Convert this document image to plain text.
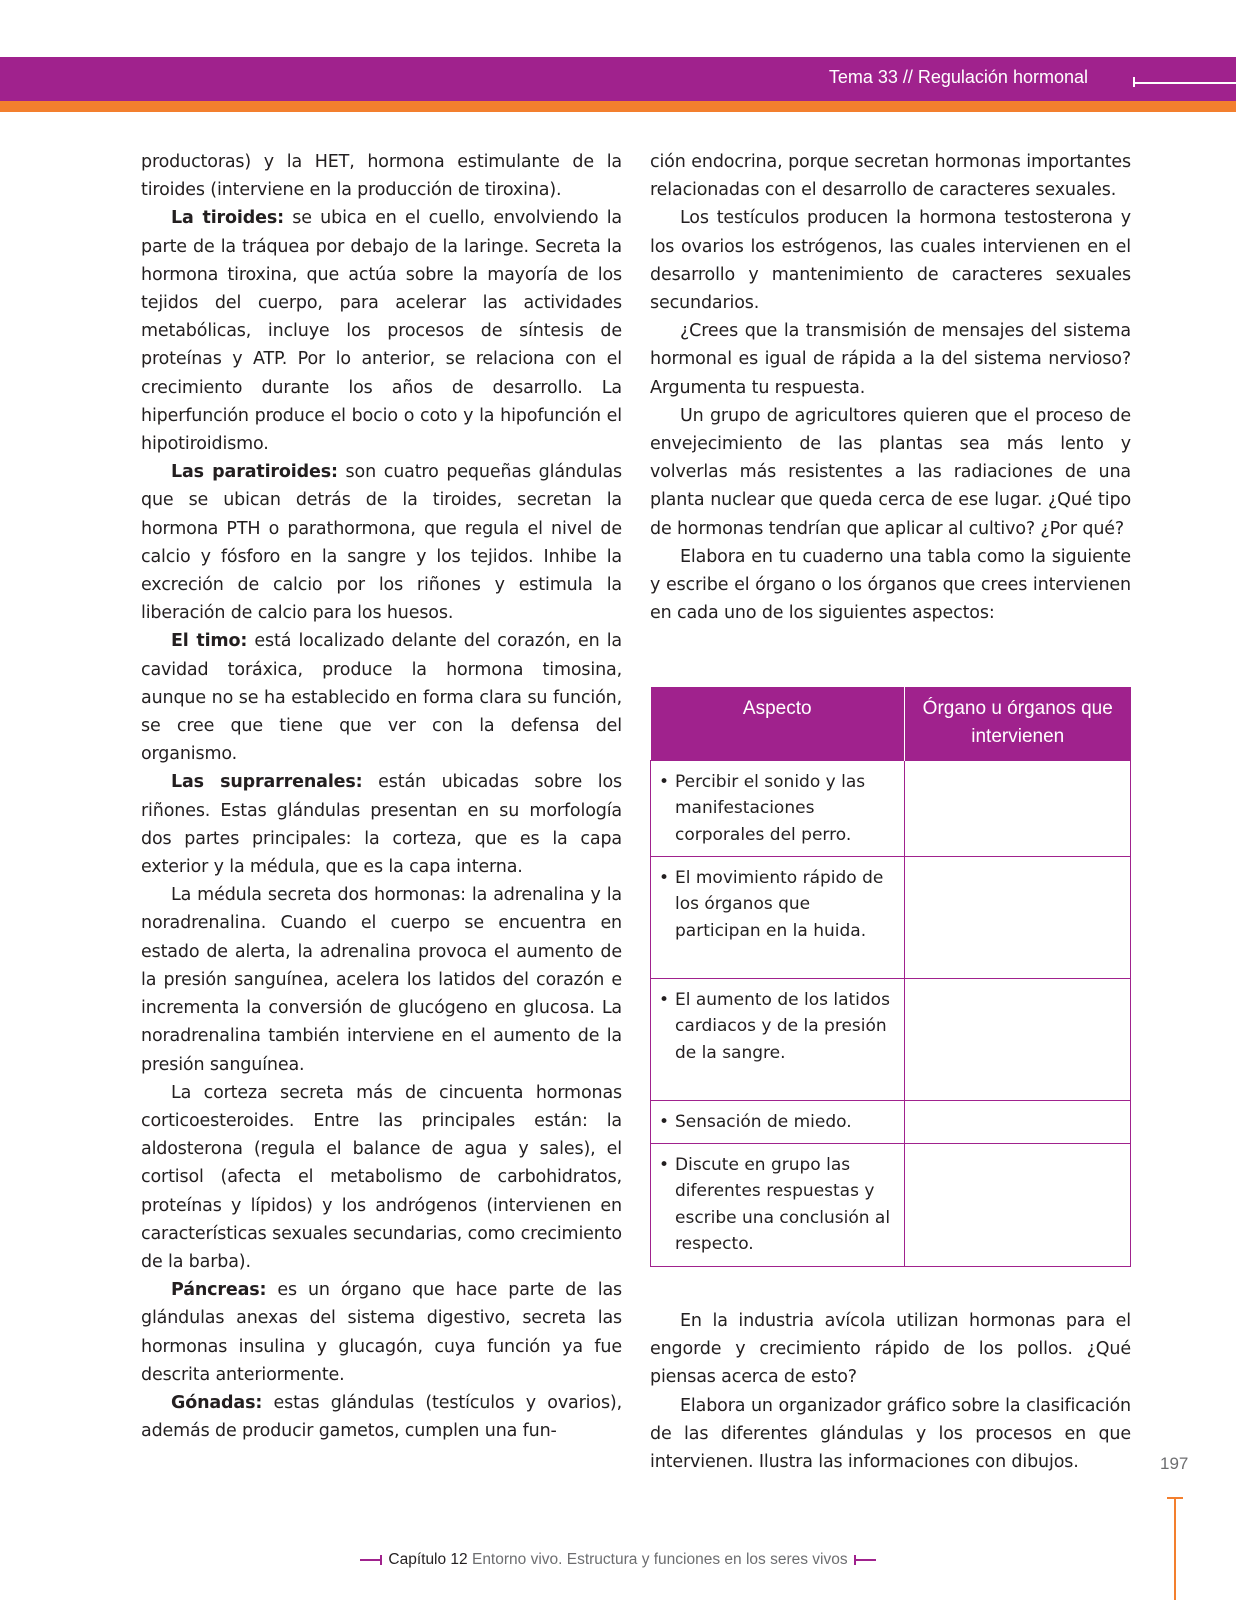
Tema 33 // Regulación hormonal

productoras) y la HET, hormona estimulante de la tiroides (interviene en la producción de tiroxina).

La tiroides: se ubica en el cuello, envolviendo la parte de la tráquea por debajo de la laringe. Secreta la hormona tiroxina, que actúa sobre la mayoría de los tejidos del cuerpo, para acelerar las actividades metabólicas, incluye los procesos de síntesis de proteínas y ATP. Por lo anterior, se relaciona con el crecimiento durante los años de desarrollo. La hiperfunción produce el bocio o coto y la hipofunción el hipotiroidismo.

Las paratiroides: son cuatro pequeñas glándulas que se ubican detrás de la tiroides, secretan la hormona PTH o parathormona, que regula el nivel de calcio y fósforo en la sangre y los tejidos. Inhibe la excreción de calcio por los riñones y estimula la liberación de calcio para los huesos.

El timo: está localizado delante del corazón, en la cavidad toráxica, produce la hormona timosina, aunque no se ha establecido en forma clara su función, se cree que tiene que ver con la defensa del organismo.

Las suprarrenales: están ubicadas sobre los riñones. Estas glándulas presentan en su morfología dos partes principales: la corteza, que es la capa exterior y la médula, que es la capa interna.

La médula secreta dos hormonas: la adrenalina y la noradrenalina. Cuando el cuerpo se encuentra en estado de alerta, la adrenalina provoca el aumento de la presión sanguínea, acelera los latidos del corazón e incrementa la conversión de glucógeno en glucosa. La noradrenalina también interviene en el aumento de la presión sanguínea.

La corteza secreta más de cincuenta hormonas corticoesteroides. Entre las principales están: la aldosterona (regula el balance de agua y sales), el cortisol (afecta el metabolismo de carbohidratos, proteínas y lípidos) y los andrógenos (intervienen en características sexuales secundarias, como crecimiento de la barba).

Páncreas: es un órgano que hace parte de las glándulas anexas del sistema digestivo, secreta las hormonas insulina y glucagón, cuya función ya fue descrita anteriormente.

Gónadas: estas glándulas (testículos y ovarios), además de producir gametos, cumplen una fun-

ción endocrina, porque secretan hormonas importantes relacionadas con el desarrollo de caracteres sexuales.

Los testículos producen la hormona testosterona y los ovarios los estrógenos, las cuales intervienen en el desarrollo y mantenimiento de caracteres sexuales secundarios.

¿Crees que la transmisión de mensajes del sistema hormonal es igual de rápida a la del sistema nervioso? Argumenta tu respuesta.

Un grupo de agricultores quieren que el proceso de envejecimiento de las plantas sea más lento y volverlas más resistentes a las radiaciones de una planta nuclear que queda cerca de ese lugar. ¿Qué tipo de hormonas tendrían que aplicar al cultivo? ¿Por qué?

Elabora en tu cuaderno una tabla como la siguiente y escribe el órgano o los órganos que crees intervienen en cada uno de los siguientes aspectos:

Aspecto	Órgano u órganos que intervienen

• Percibir el sonido y las manifestaciones corporales del perro.

• El movimiento rápido de los órganos que participan en la huida.

• El aumento de los latidos cardiacos y de la presión de la sangre.

• Sensación de miedo.

• Discute en grupo las diferentes respuestas y escribe una conclusión al respecto.

En la industria avícola utilizan hormonas para el engorde y crecimiento rápido de los pollos. ¿Qué piensas acerca de esto?

Elabora un organizador gráfico sobre la clasificación de las diferentes glándulas y los procesos en que intervienen. Ilustra las informaciones con dibujos.	197
Capítulo 12 Entorno vivo. Estructura y funciones en los seres vivos
